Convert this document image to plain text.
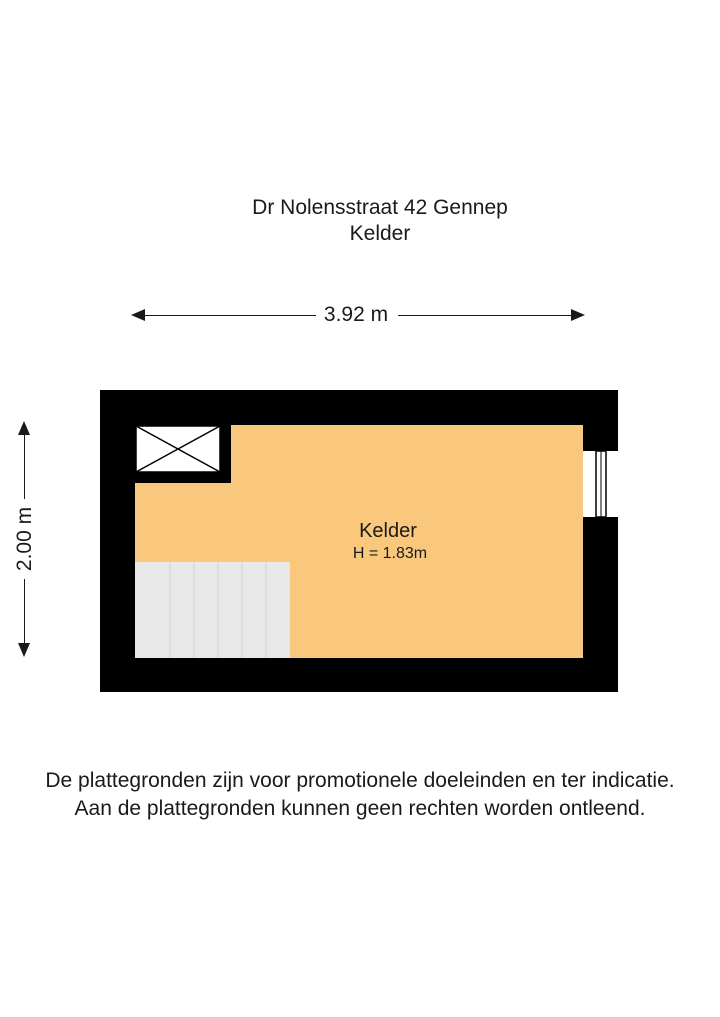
Dr Nolensstraat 42 Gennep
Kelder
3.92 m
2.00 m	Kelder
H = 1.83m
De plattegronden zijn voor promotionele doeleinden en ter indicatie.
Aan de plattegronden kunnen geen rechten worden ontleend.
